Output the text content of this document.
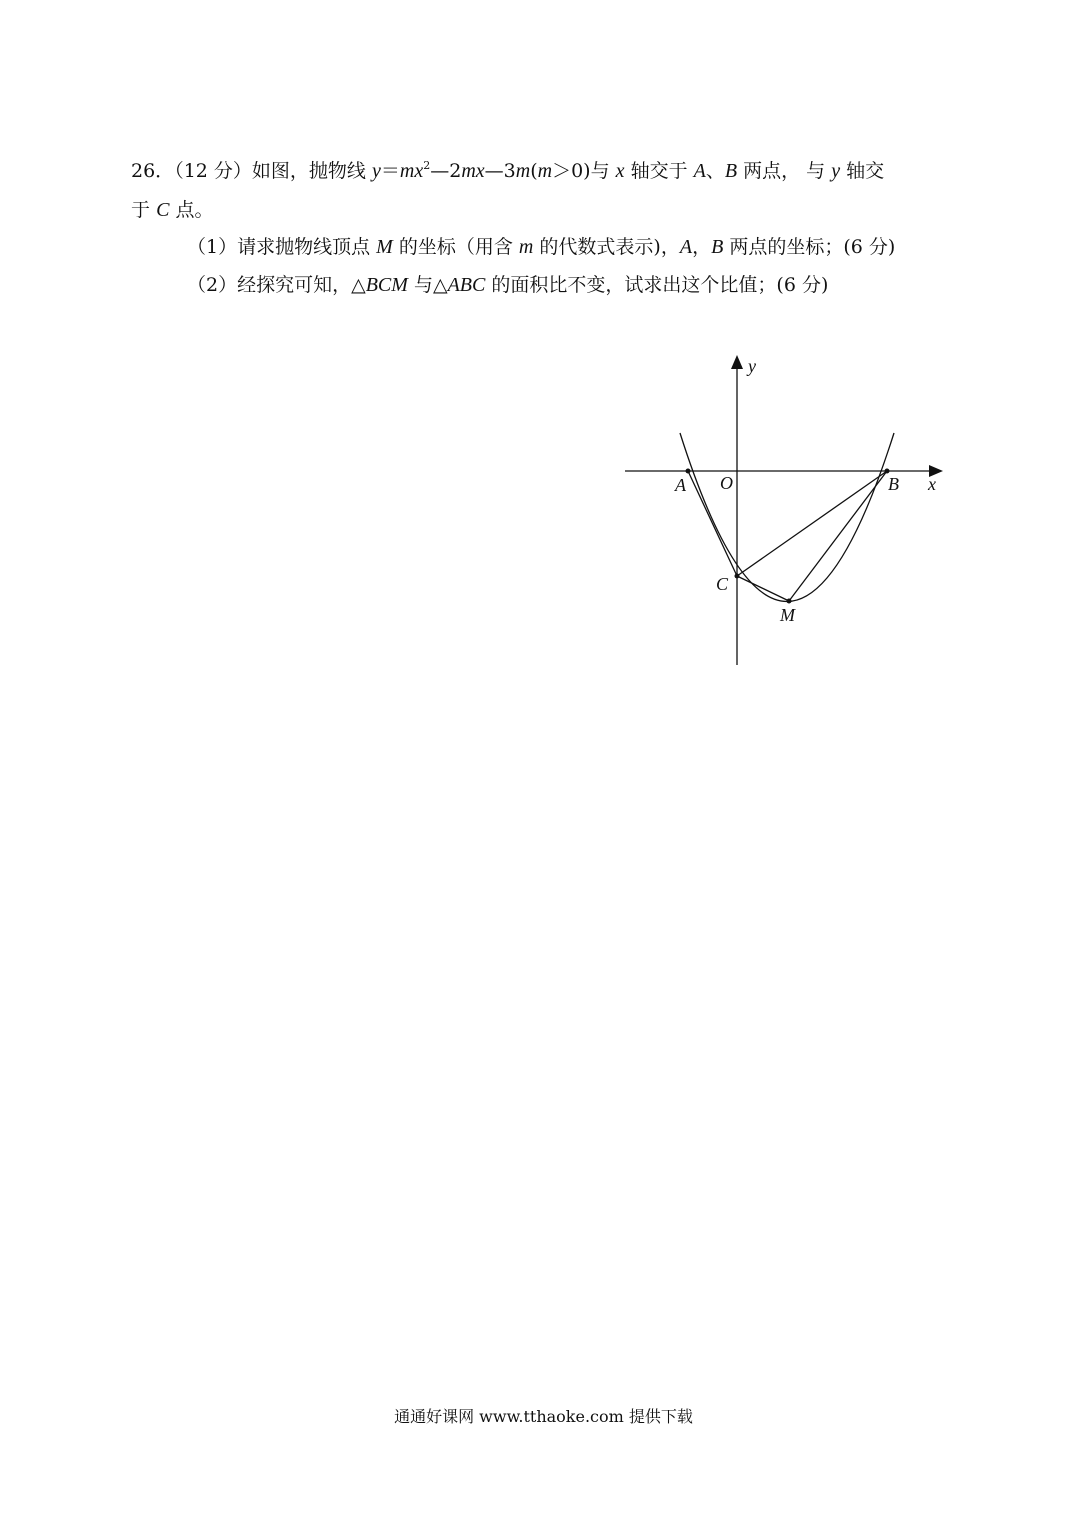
26．（12 分）如图，抛物线 $y=mx^2—2mx—3m(m>0)$与 x 轴交于 A、B 两点， 与 y 轴交
于 C 点。
（1）请求抛物线顶点 M 的坐标（用含 m 的代数式表示)，A，B 两点的坐标；(6 分)
（2）经探究可知，△BCM 与△ABC 的面积比不变，试求出这个比值；(6 分)
y
x
O
A	B
C
M
通通好课网 www.tthaoke.com 提供下载
